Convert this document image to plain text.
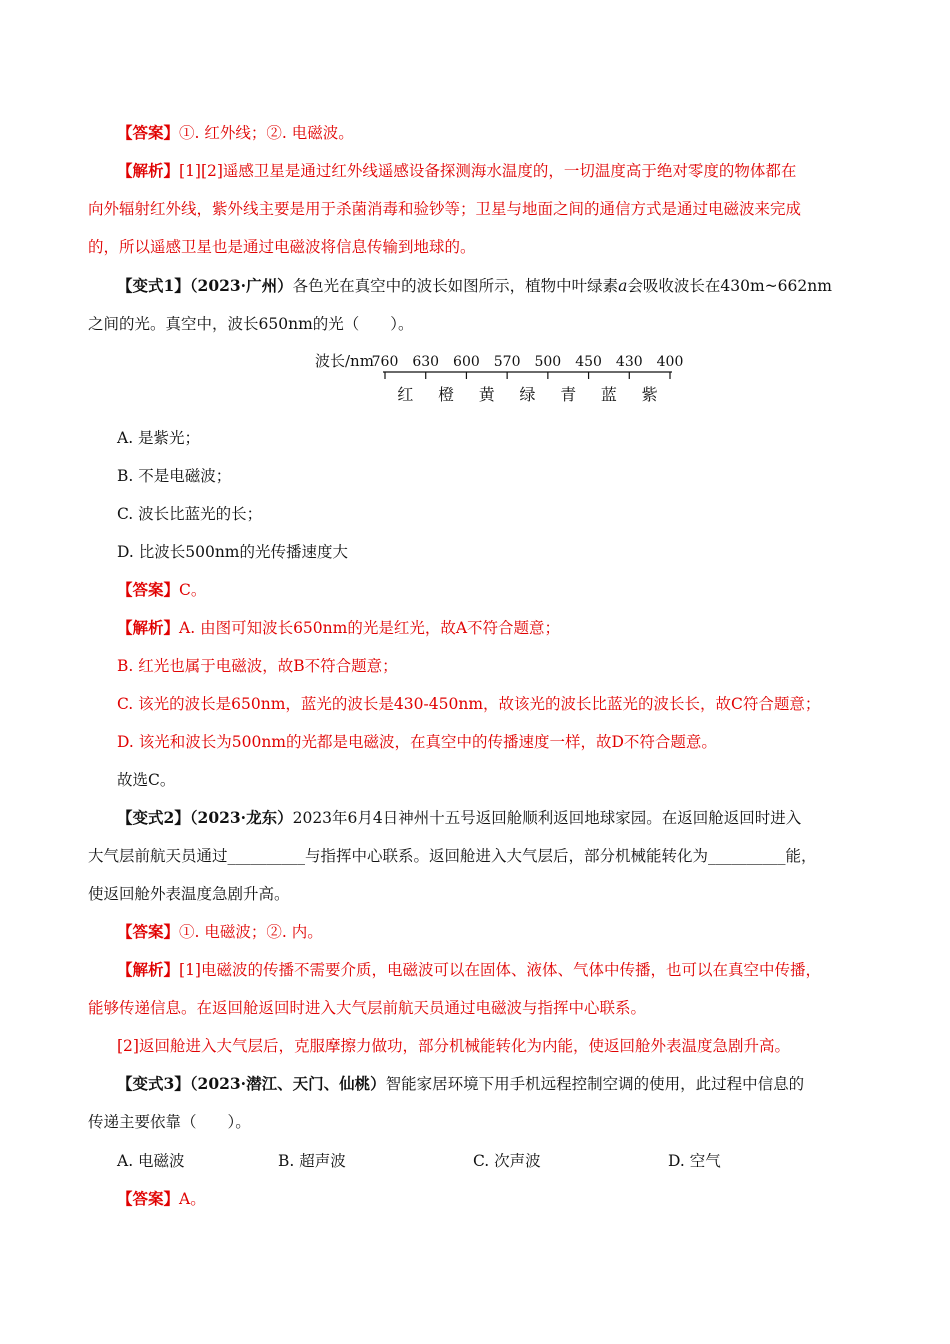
【答案】①. 红外线；②. 电磁波。
【解析】[1][2]遥感卫星是通过红外线遥感设备探测海水温度的，一切温度高于绝对零度的物体都在
向外辐射红外线，紫外线主要是用于杀菌消毒和验钞等；卫星与地面之间的通信方式是通过电磁波来完成
的，所以遥感卫星也是通过电磁波将信息传输到地球的。
【变式1】（2023·广州）各色光在真空中的波长如图所示，植物中叶绿素a会吸收波长在430m~662nm
之间的光。真空中，波长650nm的光（　　）。
波长/nm
760 630 600 570 500 450 430 400
红 橙 黄 绿 青 蓝 紫
A. 是紫光；
B. 不是电磁波；
C. 波长比蓝光的长；
D. 比波长500nm的光传播速度大
【答案】C。
【解析】A. 由图可知波长650nm的光是红光，故A不符合题意；
B. 红光也属于电磁波，故B不符合题意；
C. 该光的波长是650nm，蓝光的波长是430-450nm，故该光的波长比蓝光的波长长，故C符合题意；
D. 该光和波长为500nm的光都是电磁波，在真空中的传播速度一样，故D不符合题意。
故选C。
【变式2】（2023·龙东）2023年6月4日神州十五号返回舱顺利返回地球家园。在返回舱返回时进入
大气层前航天员通过__________与指挥中心联系。返回舱进入大气层后，部分机械能转化为__________能，
使返回舱外表温度急剧升高。
【答案】①. 电磁波；②. 内。
【解析】[1]电磁波的传播不需要介质，电磁波可以在固体、液体、气体中传播，也可以在真空中传播，
能够传递信息。在返回舱返回时进入大气层前航天员通过电磁波与指挥中心联系。
[2]返回舱进入大气层后，克服摩擦力做功，部分机械能转化为内能，使返回舱外表温度急剧升高。
【变式3】（2023·潜江、天门、仙桃）智能家居环境下用手机远程控制空调的使用，此过程中信息的
传递主要依靠（　　）。
A. 电磁波	B. 超声波	C. 次声波	D. 空气
【答案】A。
